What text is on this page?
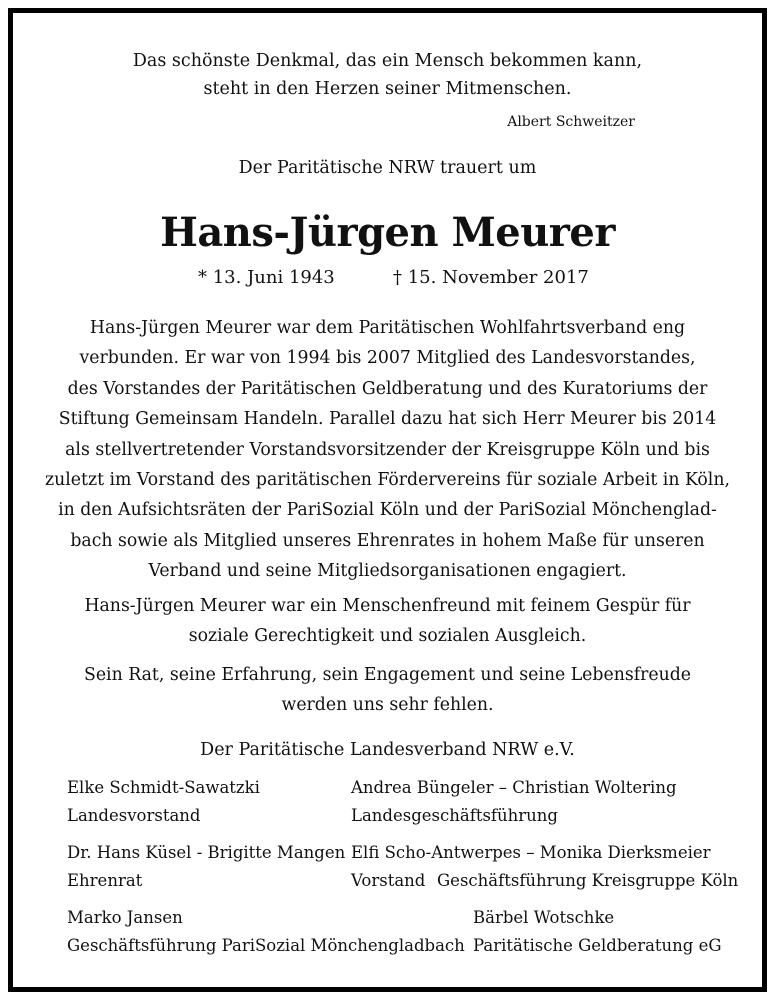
Das schönste Denkmal, das ein Mensch bekommen kann,
steht in den Herzen seiner Mitmenschen.
Albert Schweitzer
Der Paritätische NRW trauert um
Hans-Jürgen Meurer
* 13. Juni 1943	† 15. November 2017
Hans-Jürgen Meurer war dem Paritätischen Wohlfahrtsverband eng
verbunden. Er war von 1994 bis 2007 Mitglied des Landesvorstandes,
des Vorstandes der Paritätischen Geldberatung und des Kuratoriums der
Stiftung Gemeinsam Handeln. Parallel dazu hat sich Herr Meurer bis 2014
als stellvertretender Vorstandsvorsitzender der Kreisgruppe Köln und bis
zuletzt im Vorstand des paritätischen Fördervereins für soziale Arbeit in Köln,
in den Aufsichtsräten der PariSozial Köln und der PariSozial Mönchenglad-
bach sowie als Mitglied unseres Ehrenrates in hohem Maße für unseren
Verband und seine Mitgliedsorganisationen engagiert.
Hans-Jürgen Meurer war ein Menschenfreund mit feinem Gespür für
soziale Gerechtigkeit und sozialen Ausgleich.
Sein Rat, seine Erfahrung, sein Engagement und seine Lebensfreude
werden uns sehr fehlen.
Der Paritätische Landesverband NRW e.V.
Elke Schmidt-Sawatzki
Landesvorstand
Andrea Büngeler – Christian Woltering
Landesgeschäftsführung
Dr. Hans Küsel - Brigitte Mangen
Ehrenrat
Elfi Scho-Antwerpes – Monika Dierksmeier
Vorstand Geschäftsführung Kreisgruppe Köln
Marko Jansen
Geschäftsführung PariSozial Mönchengladbach
Bärbel Wotschke
Paritätische Geldberatung eG
